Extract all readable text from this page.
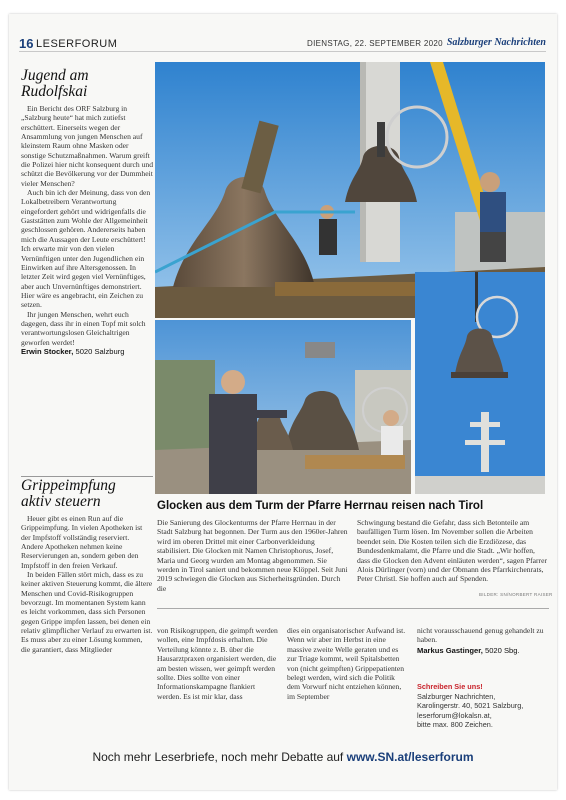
16 LESERFORUM	DIENSTAG, 22. SEPTEMBER 2020 Salzburger Nachrichten

Jugend am Rudolfskai

Ein Bericht des ORF Salzburg in „Salzburg heute“ hat mich zutiefst erschüttert. Einerseits wegen der Ansammlung von jungen Menschen auf kleinstem Raum ohne Masken oder sonstige Schutzmaßnahmen. Warum greift die Polizei hier nicht konsequent durch und schützt die Bevölkerung vor der Dummheit vieler Menschen?

Auch bin ich der Meinung, dass von den Lokalbetreibern Verantwortung eingefordert gehört und widrigenfalls die Gaststätten zum Wohle der Allgemeinheit geschlossen gehören. Andererseits haben mich die Aussagen der Leute erschüttert! Ich erwarte mir von den vielen Vernünftigen unter den Jugendlichen ein Einwirken auf ihre Altersgenossen. In letzter Zeit wird gegen viel Vernünftiges, aber auch Unvernünftiges demonstriert. Hier wäre es angebracht, ein Zeichen zu setzen.

Ihr jungen Menschen, wehrt euch dagegen, dass ihr in einen Topf mit solch verantwortungslosen Gleichaltrigen geworfen werdet!

Erwin Stocker, 5020 Salzburg

Grippeimpfung aktiv steuern

Heuer gibt es einen Run auf die Grippeimpfung. In vielen Apotheken ist der Impfstoff vollständig reserviert. Andere Apotheken nehmen keine Reservierungen an, sondern geben den Impfstoff in den freien Verkauf.

In beiden Fällen stört mich, dass es zu keiner aktiven Steuerung kommt, die ältere Menschen und Covid-Risikogruppen bevorzugt. Im momentanen System kann es leicht vorkommen, dass sich Personen gegen Grippe impfen lassen, bei denen ein relativ glimpflicher Verlauf zu erwarten ist. Es muss aber zu einer Lösung kommen, die garantiert, dass Mitglieder

Glocken aus dem Turm der Pfarre Herrnau reisen nach Tirol
Die Sanierung des Glockenturms der Pfarre Herrnau in der Stadt Salzburg hat begonnen. Der Turm aus den 1960er-Jahren wird im oberen Drittel mit einer Carbonverkleidung stabilisiert. Die Glocken mit Namen Christophorus, Josef, Maria und Georg wurden am Montag abgenommen. Sie werden in Tirol saniert und bekommen neue Klöppel. Seit Juni 2019 schwiegen die Glocken aus Sicherheitsgründen. Durch die
Schwingung bestand die Gefahr, dass sich Betonteile am baufälligen Turm lösen. Im November sollen die Arbeiten beendet sein. Die Kosten teilen sich die Erzdiözese, das Bundesdenkmalamt, die Pfarre und die Stadt. „Wir hoffen, dass die Glocken den Advent einläuten werden“, sagen Pfarrer Alois Dürlinger (vorn) und der Obmann des Pfarrkirchenrats, Peter Christl. Sie hoffen auch auf Spenden.
BILDER: SN/NORBERT RAISER
von Risikogruppen, die geimpft werden wollen, eine Impfdosis erhalten. Die Verteilung könnte z. B. über die Hausarztpraxen organisiert werden, die am besten wissen, wer geimpft werden sollte. Dies sollte von einer Informationskampagne flankiert werden. Es ist mir klar, dass
dies ein organisatorischer Aufwand ist. Wenn wir aber im Herbst in eine massive zweite Welle geraten und es zur Triage kommt, weil Spitalsbetten von (nicht geimpften) Grippepatienten belegt werden, wird sich die Politik dem Vorwurf nicht entziehen können, im September
nicht vorausschauend genug gehandelt zu haben.
Markus Gastinger, 5020 Sbg.
Schreiben Sie uns!
Salzburger Nachrichten,
Karolingerstr. 40, 5021 Salzburg,
leserforum@lokalsn.at,
bitte max. 800 Zeichen.
Noch mehr Leserbriefe, noch mehr Debatte auf www.SN.at/leserforum
